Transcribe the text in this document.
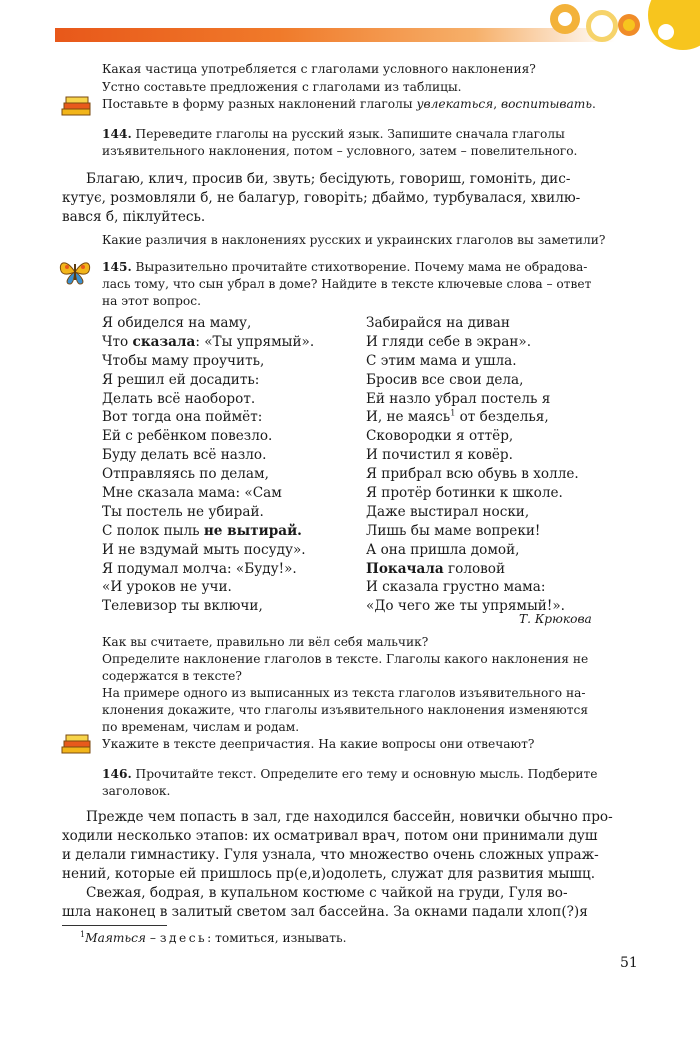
Какая частица употребляется с глаголами условного наклонения?
Устно составьте предложения с глаголами из таблицы.
Поставьте в форму разных наклонений глаголы увлекаться, воспитывать.
144. Переведите глаголы на русский язык. Запишите сначала глаголы
изъявительного наклонения, потом – условного, затем – повелительного.
Благаю, клич, просив би, звуть; бесідують, говориш, гомоніть, дис-
кутує, розмовляли б, не балагур, говоріть; дбаймо, турбувалася, хвилю-
вався б, піклуйтесь.
Какие различия в наклонениях русских и украинских глаголов вы заметили?
145. Выразительно прочитайте стихотворение. Почему мама не обрадова-
лась тому, что сын убрал в доме? Найдите в тексте ключевые слова – ответ
на этот вопрос.
Я обиделся на маму,
Что сказала: «Ты упрямый».
Чтобы маму проучить,
Я решил ей досадить:
Делать всё наоборот.
Вот тогда она поймёт:
Ей с ребёнком повезло.
Буду делать всё назло.
Отправляясь по делам,
Мне сказала мама: «Сам
Ты постель не убирай.
С полок пыль не вытирай.
И не вздумай мыть посуду».
Я подумал молча: «Буду!».
«И уроков не учи.
Телевизор ты включи,
Забирайся на диван
И гляди себе в экран».
С этим мама и ушла.
Бросив все свои дела,
Ей назло убрал постель я
И, не маясь$^1$ от безделья,
Сковородки я оттёр,
И почистил я ковёр.
Я прибрал всю обувь в холле.
Я протёр ботинки к школе.
Даже выстирал носки,
Лишь бы маме вопреки!
А она пришла домой,
Покачала головой
И сказала грустно мама:
«До чего же ты упрямый!».
Т. Крюкова
Как вы считаете, правильно ли вёл себя мальчик?
Определите наклонение глаголов в тексте. Глаголы какого наклонения не
содержатся в тексте?
На примере одного из выписанных из текста глаголов изъявительного на-
клонения докажите, что глаголы изъявительного наклонения изменяются
по временам, числам и родам.
Укажите в тексте деепричастия. На какие вопросы они отвечают?
146. Прочитайте текст. Определите его тему и основную мысль. Подберите
заголовок.
Прежде чем попасть в зал, где находился бассейн, новички обычно про-
ходили несколько этапов: их осматривал врач, потом они принимали душ
и делали гимнастику. Гуля узнала, что множество очень сложных упраж-
нений, которые ей пришлось пр(е,и)одолеть, служат для развития мышц.
Свежая, бодрая, в купальном костюме с чайкой на груди, Гуля во-
шла наконец в залитый светом зал бассейна. За окнами падали хлоп(?)я
$^1$Маяться – здесь: томиться, изнывать.
51
